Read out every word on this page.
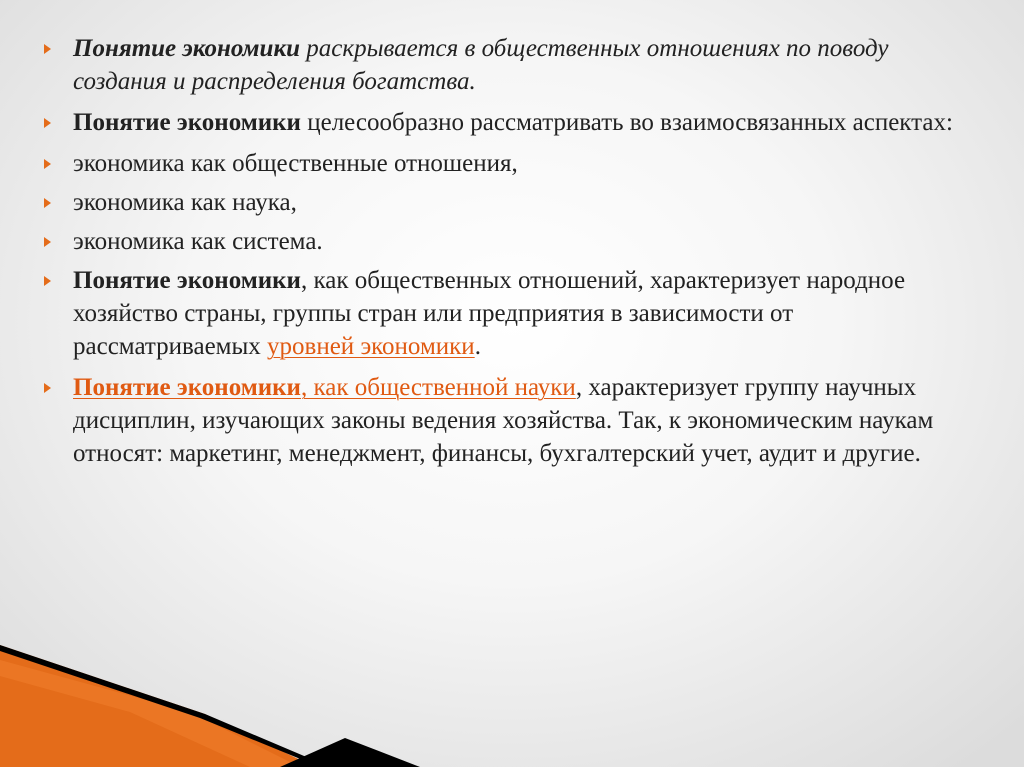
Понятие экономики раскрывается в общественных отношениях по поводу создания и распределения богатства.
Понятие экономики целесообразно рассматривать во взаимосвязанных аспектах:
экономика как общественные отношения,
экономика как наука,
экономика как система.
Понятие экономики, как общественных отношений, характеризует народное хозяйство страны, группы стран или предприятия в зависимости от рассматриваемых уровней экономики.
Понятие экономики, как общественной науки, характеризует группу научных дисциплин, изучающих законы ведения хозяйства. Так, к экономическим наукам относят: маркетинг, менеджмент, финансы, бухгалтерский учет, аудит и другие.
